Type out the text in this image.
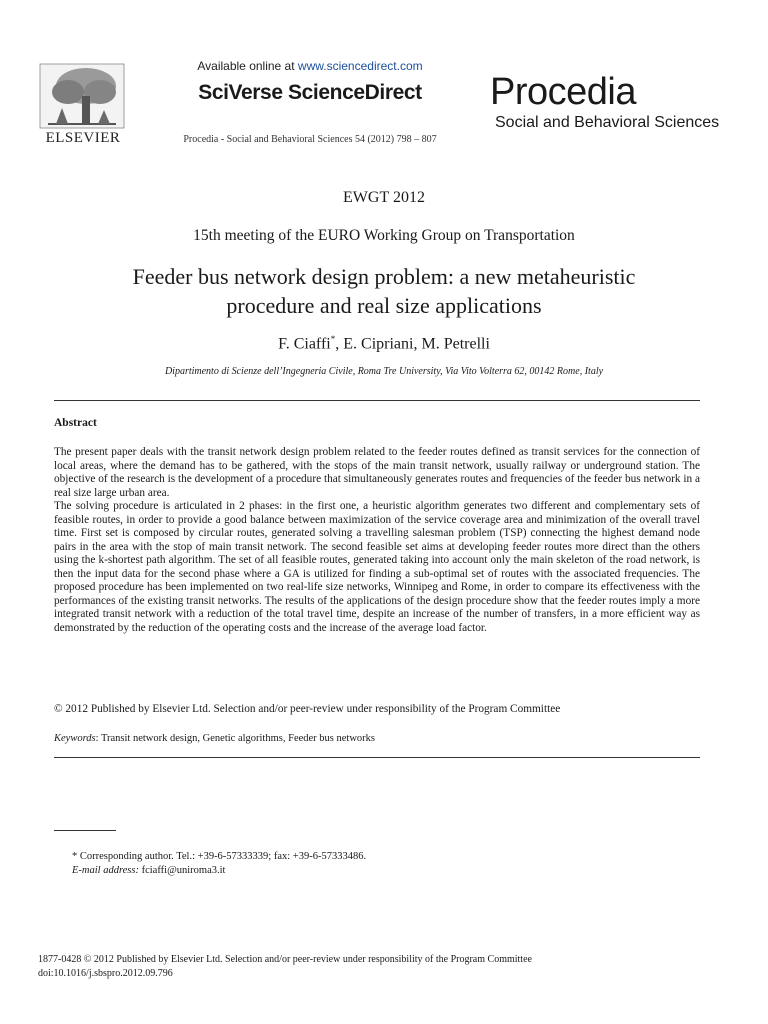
ELSEVIER
Available online at www.sciencedirect.com
SciVerse ScienceDirect
Procedia - Social and Behavioral Sciences 54 (2012) 798 – 807
Procedia
Social and Behavioral Sciences
EWGT 2012
15th meeting of the EURO Working Group on Transportation
Feeder bus network design problem: a new metaheuristic
procedure and real size applications
F. Ciaffi*, E. Cipriani, M. Petrelli
Dipartimento di Scienze dell’Ingegneria Civile, Roma Tre University, Via Vito Volterra 62, 00142 Rome, Italy
Abstract

The present paper deals with the transit network design problem related to the feeder routes defined as transit services for the connection of local areas, where the demand has to be gathered, with the stops of the main transit network, usually railway or underground station. The objective of the research is the development of a procedure that simultaneously generates routes and frequencies of the feeder bus network in a real size large urban area.

The solving procedure is articulated in 2 phases: in the first one, a heuristic algorithm generates two different and complementary sets of feasible routes, in order to provide a good balance between maximization of the service coverage area and minimization of the overall travel time. First set is composed by circular routes, generated solving a travelling salesman problem (TSP) connecting the highest demand node pairs in the area with the stop of main transit network. The second feasible set aims at developing feeder routes more direct than the others using the k-shortest path algorithm. The set of all feasible routes, generated taking into account only the main skeleton of the road network, is then the input data for the second phase where a GA is utilized for finding a sub-optimal set of routes with the associated frequencies. The proposed procedure has been implemented on two real-life size networks, Winnipeg and Rome, in order to compare its effectiveness with the performances of the existing transit networks. The results of the applications of the design procedure show that the feeder routes imply a more integrated transit network with a reduction of the total travel time, despite an increase of the number of transfers, in a more efficient way as demonstrated by the reduction of the operating costs and the increase of the average load factor.

© 2012 Published by Elsevier Ltd. Selection and/or peer-review under responsibility of the Program Committee
Keywords: Transit network design, Genetic algorithms, Feeder bus networks
* Corresponding author. Tel.: +39-6-57333339; fax: +39-6-57333486.
E-mail address: fciaffi@uniroma3.it
1877-0428 © 2012 Published by Elsevier Ltd. Selection and/or peer-review under responsibility of the Program Committee
doi:10.1016/j.sbspro.2012.09.796
